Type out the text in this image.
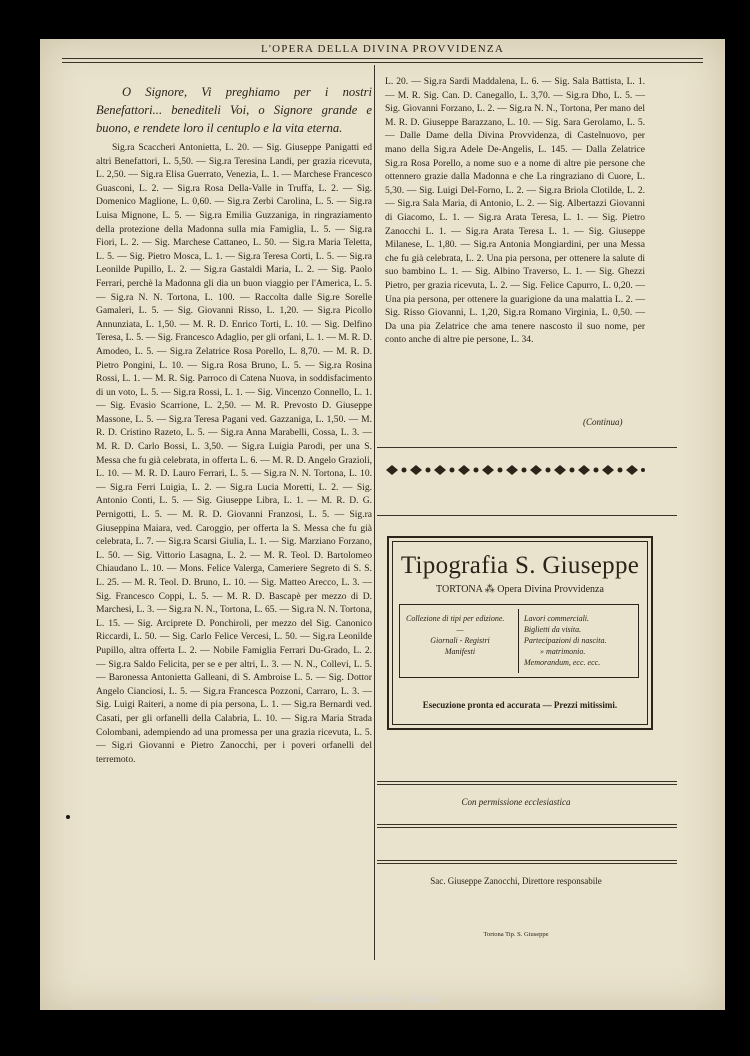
L'OPERA DELLA DIVINA PROVVIDENZA

O Signore, Vi preghiamo per i nostri Benefattori... benediteli Voi, o Signore grande e buono, e rendete loro il centuplo e la vita eterna.

Sig.ra Scaccheri Antonietta, L. 20. — Sig. Giuseppe Panigatti ed altri Benefattori, L. 5,50. — Sig.ra Teresina Landi, per grazia ricevuta, L. 2,50. — Sig.ra Elisa Guerrato, Venezia, L. 1. — Marchese Francesco Guasconi, L. 2. — Sig.ra Rosa Della-Valle in Truffa, L. 2. — Sig. Domenico Maglione, L. 0,60. — Sig.ra Zerbi Carolina, L. 5. — Sig.ra Luisa Mignone, L. 5. — Sig.ra Emilia Guzzaniga, in ringraziamento della protezione della Madonna sulla mia Famiglia, L. 5. — Sig.ra Fiori, L. 2. — Sig. Marchese Cattaneo, L. 50. — Sig.ra Maria Teletta, L. 5. — Sig. Pietro Mosca, L. 1. — Sig.ra Teresa Corti, L. 5. — Sig.ra Leonilde Pupillo, L. 2. — Sig.ra Gastaldi Maria, L. 2. — Sig. Paolo Ferrari, perchè la Madonna gli dia un buon viaggio per l'America, L. 5. — Sig.ra N. N. Tortona, L. 100. — Raccolta dalle Sig.re Sorelle Gamaleri, L. 5. — Sig. Giovanni Risso, L. 1,20. — Sig.ra Picollo Annunziata, L. 1,50. — M. R. D. Enrico Torti, L. 10. — Sig. Delfino Teresa, L. 5. — Sig. Francesco Adaglio, per gli orfani, L. 1. — M. R. D. Amodeo, L. 5. — Sig.ra Zelatrice Rosa Porello, L. 8,70. — M. R. D. Pietro Pongini, L. 10. — Sig.ra Rosa Bruno, L. 5. — Sig.ra Rosina Rossi, L. 1. — M. R. Sig. Parroco di Catena Nuova, in soddisfacimento di un voto, L. 5. — Sig.ra Rossi, L. 1. — Sig. Vincenzo Connello, L. 1. — Sig. Evasio Scarrione, L. 2,50. — M. R. Prevosto D. Giuseppe Massone, L. 5. — Sig.ra Teresa Pagani ved. Gazzaniga, L. 1,50. — M. R. D. Cristino Razeto, L. 5. — Sig.ra Anna Marabelli, Cossa, L. 3. — M. R. D. Carlo Bossi, L. 3,50. — Sig.ra Luigia Parodi, per una S. Messa che fu già celebrata, in offerta L. 6. — M. R. D. Angelo Grazioli, L. 10. — M. R. D. Lauro Ferrari, L. 5. — Sig.ra N. N. Tortona, L. 10. — Sig.ra Ferri Luigia, L. 2. — Sig.ra Lucia Moretti, L. 2. — Sig. Antonio Conti, L. 5. — Sig. Giuseppe Libra, L. 1. — M. R. D. G. Pernigotti, L. 5. — M. R. D. Giovanni Franzosi, L. 5. — Sig.ra Giuseppina Maiara, ved. Caroggio, per offerta la S. Messa che fu già celebrata, L. 7. — Sig.ra Scarsi Giulia, L. 1. — Sig. Marziano Forzano, L. 50. — Sig. Vittorio Lasagna, L. 2. — M. R. Teol. D. Bartolomeo Chiaudano L. 10. — Mons. Felice Valerga, Cameriere Segreto di S. S. L. 25. — M. R. Teol. D. Bruno, L. 10. — Sig. Matteo Arecco, L. 3. — Sig. Francesco Coppi, L. 5. — M. R. D. Bascapè per mezzo di D. Marchesi, L. 3. — Sig.ra N. N., Tortona, L. 65. — Sig.ra N. N. Tortona, L. 15. — Sig. Arciprete D. Ponchiroli, per mezzo del Sig. Canonico Riccardi, L. 50. — Sig. Carlo Felice Vercesi, L. 50. — Sig.ra Leonilde Pupillo, altra offerta L. 2. — Nobile Famiglia Ferrari Du-Grado, L. 2. — Sig.ra Saldo Felicita, per se e per altri, L. 3. — N. N., Collevi, L. 5. — Baronessa Antonietta Galleani, di S. Ambroise L. 5. — Sig. Dottor Angelo Cianciosi, L. 5. — Sig.ra Francesca Pozzoni, Carraro, L. 3. — Sig. Luigi Raiteri, a nome di pia persona, L. 1. — Sig.ra Bernardi ved. Casati, per gli orfanelli della Calabria, L. 10. — Sig.ra Maria Strada Colombani, adempiendo ad una promessa per una grazia ricevuta, L. 5. — Sig.ri Giovanni e Pietro Zanocchi, per i poveri orfanelli del terremoto.

L. 20. — Sig.ra Sardi Maddalena, L. 6. — Sig. Sala Battista, L. 1. — M. R. Sig. Can. D. Canegallo, L. 3,70. — Sig.ra Dho, L. 5. — Sig. Giovanni Forzano, L. 2. — Sig.ra N. N., Tortona, Per mano del M. R. D. Giuseppe Barazzano, L. 10. — Sig. Sara Gerolamo, L. 5. — Dalle Dame della Divina Provvidenza, di Castelnuovo, per mano della Sig.ra Adele De-Angelis, L. 145. — Dalla Zelatrice Sig.ra Rosa Porello, a nome suo e a nome di altre pie persone che ottennero grazie dalla Madonna e che La ringraziano di Cuore, L. 5,30. — Sig. Luigi Del-Forno, L. 2. — Sig.ra Briola Clotilde, L. 2. — Sig.ra Sala Maria, di Antonio, L. 2. — Sig. Albertazzi Giovanni di Giacomo, L. 1. — Sig.ra Arata Teresa, L. 1. — Sig. Pietro Zanocchi L. 1. — Sig.ra Arata Teresa L. 1. — Sig. Giuseppe Milanese, L. 1,80. — Sig.ra Antonia Mongiardini, per una Messa che fu già celebrata, L. 2. Una pia persona, per ottenere la salute di suo bambino L. 1. — Sig. Albino Traverso, L. 1. — Sig. Ghezzi Pietro, per grazia ricevuta, L. 2. — Sig. Felice Capurro, L. 0,20. — Una pia persona, per ottenere la guarigione da una malattia L. 2. — Sig. Risso Giovanni, L. 1,20, Sig.ra Romano Virginia, L. 0,50. — Da una pia Zelatrice che ama tenere nascosto il suo nome, per conto anche di altre pie persone, L. 34.

(Continua)
Tipografia S. Giuseppe
TORTONA ⁂ Opera Divina Provvidenza
Collezione di tipi per edizione.
—
Giornali - Registri
Manifesti
Lavori commerciali.
Biglietti da visita.
Partecipazioni di nascita.
» matrimonio.
Memorandum, ecc. ecc.
Esecuzione pronta ed accurata — Prezzi mitissimi.
Con permissione ecclesiastica
Sac. Giuseppe Zanocchi, Direttore responsabile
Tortona Tip. S. Giuseppe
Archivio Don Orione - Roma
